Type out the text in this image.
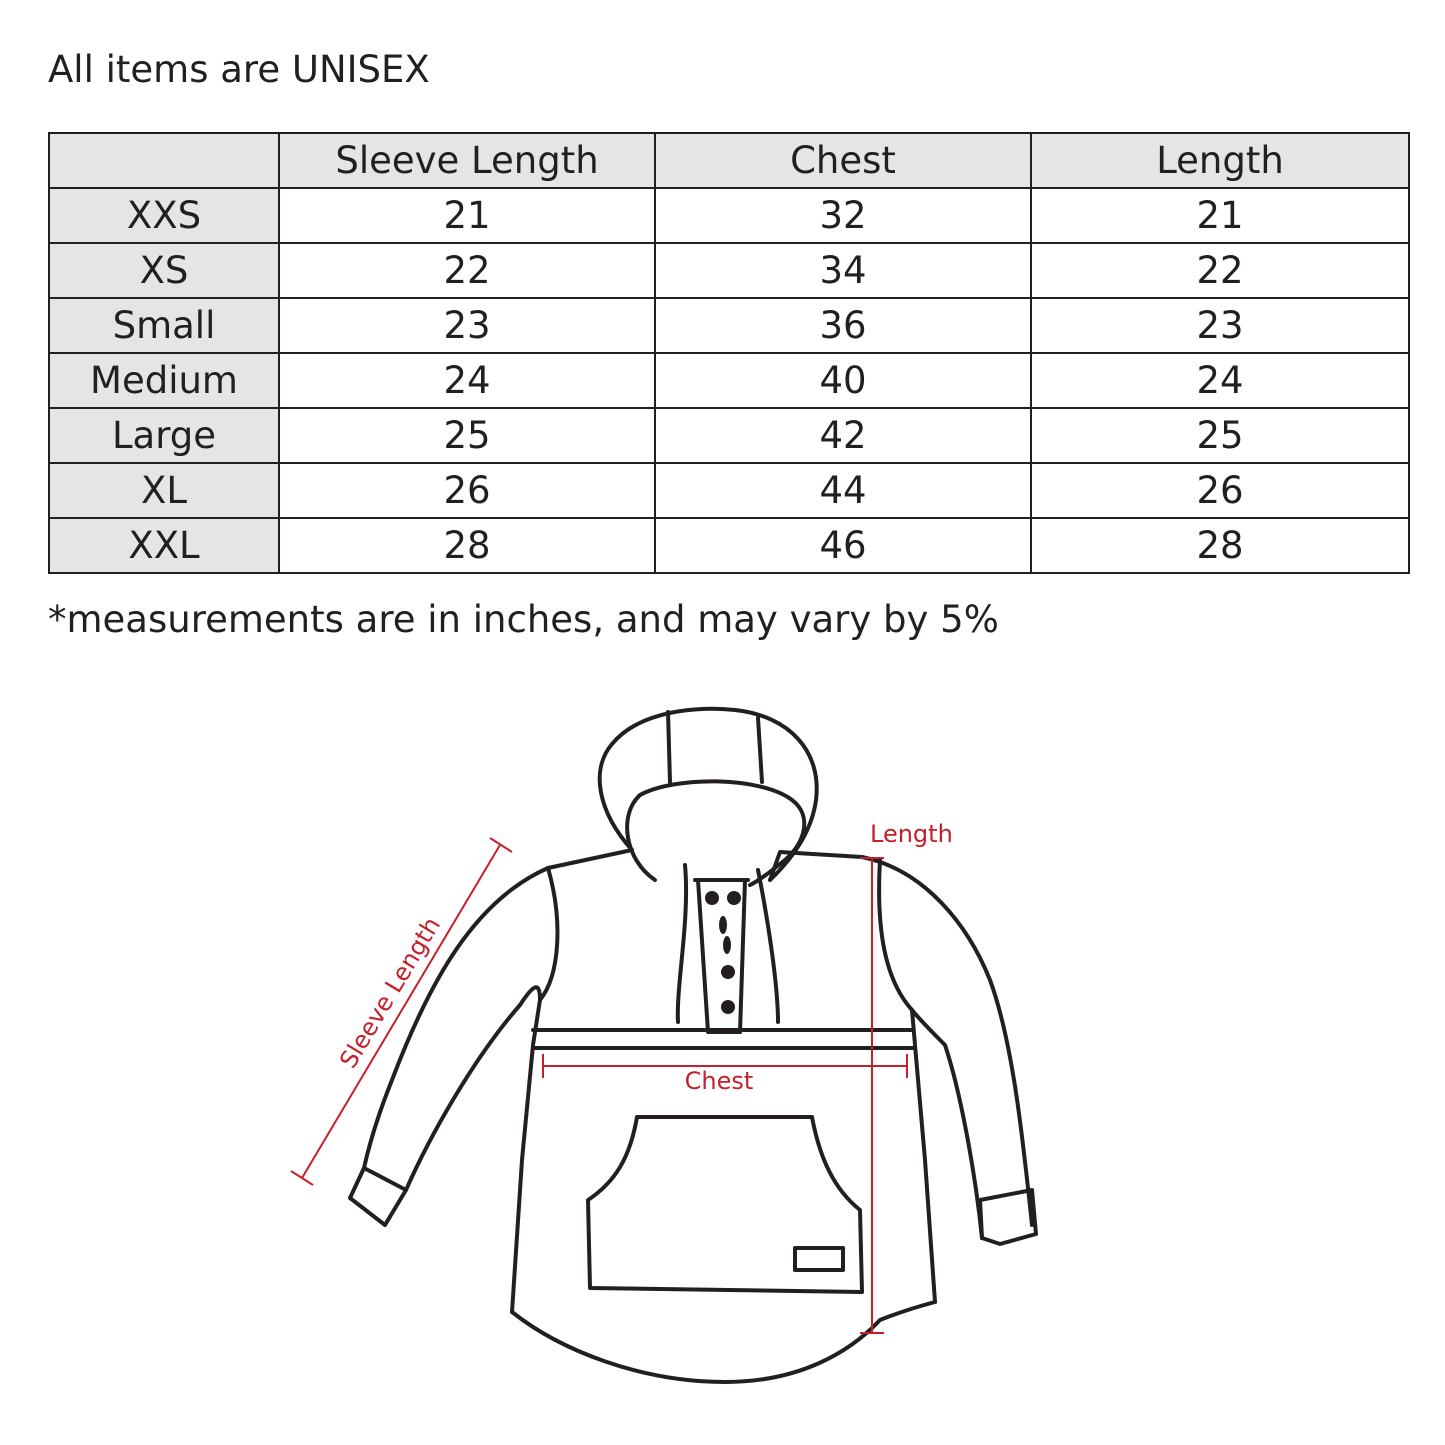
All items are UNISEX
	Sleeve Length	Chest	Length
XXS	21	32	21
XS	22	34	22
Small	23	36	23
Medium	24	40	24
Large	25	42	25
XL	26	44	26
XXL	28	46	28
*measurements are in inches, and may vary by 5%
Sleeve Length
Chest
Length
